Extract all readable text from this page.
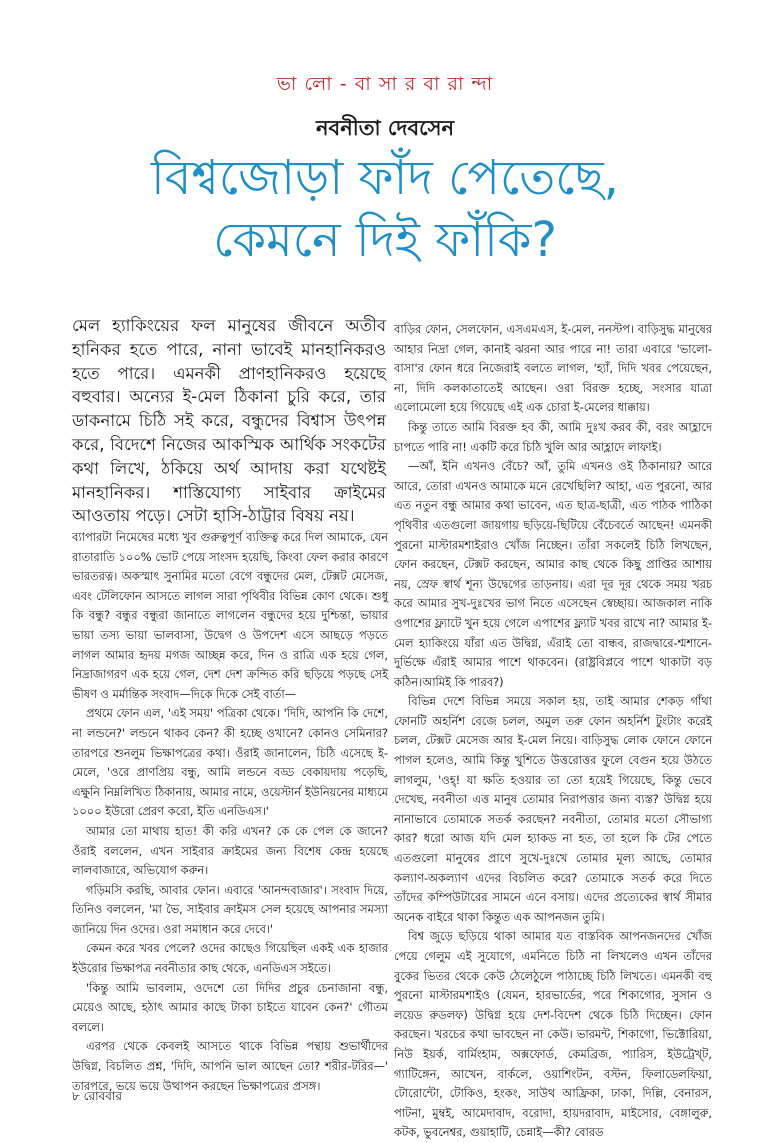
ভা লো - বা সা র বা রা ন্দা
নবনীতা দেবসেন
বিশ্বজোড়া ফাঁদ পেতেছে,
কেমনে দিই ফাঁকি?
মেল হ্যাকিংয়ের ফল মানুষের জীবনে অতীব হানিকর হতে পারে, নানা ভাবেই মানহানিকরও হতে পারে। এমনকী প্রাণহানিকরও হয়েছে বহুবার। অন্যের ই-মেল ঠিকানা চুরি করে, তার ডাকনামে চিঠি সই করে, বন্ধুদের বিশ্বাস উৎপন্ন করে, বিদেশে নিজের আকস্মিক আর্থিক সংকটের কথা লিখে, ঠকিয়ে অর্থ আদায় করা যথেষ্টই মানহানিকর। শাস্তিযোগ্য সাইবার ক্রাইমের আওতায় পড়ে। সেটা হাসি-ঠাট্টার বিষয় নয়।

ব্যাপারটা নিমেষের মধ্যে খুব গুরুত্বপূর্ণ ব্যক্তিত্ব করে দিল আমাকে, যেন রাতারাতি ১০০% ভোট পেয়ে সাংসদ হয়েছি, কিংবা ফেল করার কারণে ভারতরত্ন। অকস্মাৎ সুনামির মতো বেগে বন্ধুদের মেল, টেক্সট মেসেজ, এবং টেলিফোন আসতে লাগল সারা পৃথিবীর বিভিন্ন কোণ থেকে। শুধু কি বন্ধু? বন্ধুর বন্ধুরা জানাতে লাগলেন বন্ধুদের হয়ে দুশ্চিন্তা, ভায়ার ভায়া তস্য ভায়া ভালবাসা, উদ্বেগ ও উপদেশ এসে আছড়ে পড়তে লাগল আমার হৃদয় মগজ আচ্ছন্ন করে, দিন ও রাত্রি এক হয়ে গেল, নিদ্রাজাগরণ এক হয়ে গেল, দেশ দেশ ক্রন্দিত করি ছড়িয়ে পড়ছে সেই ভীষণ ও মর্মান্তিক সংবাদ—দিকে দিকে সেই বার্তা—

প্রথমে ফোন এল, 'এই সময়' পত্রিকা থেকে। 'দিদি, আপনি কি দেশে, না লন্ডনে?' লন্ডনে থাকব কেন? কী হচ্ছে ওখানে? কোনও সেমিনার? তারপরে শুনলুম ভিক্ষাপত্রের কথা। ওঁরাই জানালেন, চিঠি এসেছে ই-মেলে, 'ওরে প্রাণপ্রিয় বন্ধু, আমি লন্ডনে বড্ড বেকায়দায় পড়েছি, এক্ষুনি নিম্নলিখিত ঠিকানায়, আমার নামে, ওয়েস্টার্ন ইউনিয়নের মাধ্যমে ১০০০ ইউরো প্রেরণ করো, ইতি এনডিএস।'

আমার তো মাথায় হাত! কী করি এখন? কে কে পেল কে জানে? ওঁরাই বললেন, এখন সাইবার ক্রাইমের জন্য বিশেষ কেন্দ্র হয়েছে লালবাজারে, অভিযোগ করুন।

গড়িমসি করছি, আবার ফোন। এবারে 'আনন্দবাজার'। সংবাদ দিয়ে, তিনিও বললেন, 'মা ভৈ, সাইবার ক্রাইমস সেল হয়েছে আপনার সমস্যা জানিয়ে দিন ওদের। ওরা সমাধান করে দেবে।'

কেমন করে খবর পেলে? ওদের কাছেও গিয়েছিল একই এক হাজার ইউরোর ভিক্ষাপত্র নবনীতার কাছ থেকে, এনডিএস সইতে।

'কিন্তু আমি ভাবলাম, ওদেশে তো দিদির প্রচুর চেনাজানা বন্ধু, মেয়েও আছে, হঠাৎ আমার কাছে টাকা চাইতে যাবেন কেন?' গৌতম বললে।

এরপর থেকে কেবলই আসতে থাকে বিভিন্ন পন্থায় শুভার্থীদের উদ্বিগ্ন, বিচলিত প্রশ্ন, 'দিদি, আপনি ভাল আছেন তো? শরীর-টরির—' তারপরে, ভয়ে ভয়ে উত্থাপন করছেন ভিক্ষাপত্রের প্রসঙ্গ।

বাড়ির ফোন, সেলফোন, এসএমএস, ই-মেল, ননস্টপ। বাড়িসুদ্ধ মানুষের আহার নিদ্রা গেল, কানাই ঝরনা আর পারে না! তারা এবারে 'ভালো-বাসা'র ফোন ধরে নিজেরাই বলতে লাগল, 'হ্যাঁ, দিদি খবর পেয়েছেন, না, দিদি কলকাতাতেই আছেন। ওরা বিরক্ত হচ্ছে, সংসার যাত্রা এলোমেলো হয়ে গিয়েছে এই এক চোরা ই-মেলের ধাক্কায়।

কিন্তু তাতে আমি বিরক্ত হব কী, আমি দুঃখ করব কী, বরং আহ্লাদে চাপতে পারি না! একটি করে চিঠি খুলি আর আহ্লাদে লাফাই।

—আঁ, ইনি এখনও বেঁচে? আঁ, তুমি এখনও ওই ঠিকানায়? আরে আরে, তোরা এখনও আমাকে মনে রেখেছিলি? আহা, এত পুরনো, আর এত নতুন বন্ধু আমার কথা ভাবেন, এত ছাত্র-ছাত্রী, এত পাঠক পাঠিকা পৃথিবীর এতগুলো জায়গায় ছড়িয়ে-ছিটিয়ে বেঁচেবর্তে আছেন! এমনকী পুরনো মাস্টারমশাইরাও খোঁজ নিচ্ছেন। তাঁরা সকলেই চিঠি লিখছেন, ফোন করছেন, টেক্সট করছেন, আমার কাছ থেকে কিছু প্রাপ্তির আশায় নয়, স্রেফ স্বার্থ শূন্য উদ্বেগের তাড়নায়। এরা দূর দূর থেকে সময় খরচ করে আমার সুখ-দুঃখের ভাগ নিতে এসেছেন স্বেচ্ছায়। আজকাল নাকি ওপাশের ফ্ল্যাটে খুন হয়ে গেলে এপাশের ফ্ল্যাট খবর রাখে না? আমার ই-মেল হ্যাকিংয়ে যাঁরা এত উদ্বিগ্ন, এঁরাই তো বান্ধব, রাজদ্বারে-শ্মশানে-দুর্ভিক্ষে এঁরাই আমার পাশে থাকবেন। (রাষ্ট্রবিপ্লবে পাশে থাকাটা বড় কঠিন।আমিই কি পারব?)

বিভিন্ন দেশে বিভিন্ন সময়ে সকাল হয়, তাই আমার শেকড় গাঁথা ফোনটি অহর্নিশ বেজে চলল, অমুল তরু ফোন অহর্নিশ টুংটাং করেই চলল, টেক্সট মেসেজ আর ই-মেল নিয়ে। বাড়িসুদ্ধ লোক ফোনে ফোনে পাগল হলেও, আমি কিন্তু খুশিতে উত্তরোত্তর ফুলে বেগুন হয়ে উঠতে লাগলুম, 'ওহ্! যা ক্ষতি হওয়ার তা তো হয়েই গিয়েছে, কিন্তু ভেবে দেখেছ, নবনীতা এত্ত মানুষ তোমার নিরাপত্তার জন্য ব্যস্ত? উদ্বিগ্ন হয়ে নানাভাবে তোমাকে সতর্ক করছেন? নবনীতা, তোমার মতো সৌভাগ্য কার? ধরো আজ যদি মেল হ্যাকড না হত, তা হলে কি টের পেতে এতগুলো মানুষের প্রাণে সুখে-দুঃখে তোমার মূল্য আছে, তোমার কল্যাণ-অকল্যাণ এদের বিচলিত করে? তোমাকে সতর্ক করে দিতে তাঁদের কম্পিউটারের সামনে এনে বসায়। এদের প্রত্যেকের স্বার্থ সীমার অনেক বাইরে থাকা কিন্তুত এক আপনজন তুমি।

বিশ্ব জুড়ে ছড়িয়ে থাকা আমার যত বাস্তবিক আপনজনদের খোঁজ পেয়ে গেলুম এই সুযোগে, এমনিতে চিঠি না লিখলেও এখন তাঁদের বুকের ভিতর থেকে কেউ ঠেলেঠুলে পাঠাচ্ছে চিঠি লিখতে। এমনকী বহু পুরনো মাস্টারমশাইও (যেমন, হারভার্ডের, পরে শিকাগোর, সুসান ও লয়েড রুডলফ) উদ্বিগ্ন হয়ে দেশ-বিদেশ থেকে চিঠি দিচ্ছেন। ফোন করছেন। খরচের কথা ভাবছেন না কেউ। ভারমন্ট, শিকাগো, ভিক্টোরিয়া, নিউ ইয়র্ক, বার্মিংহাম, অক্সফোর্ড, কেমব্রিজ, প্যারিস, ইউট্রেখ্ট, গ্যাটিঙ্গেন, আখেন, বার্কলে, ওয়াশিংটন, বস্টন, ফিলাডেলফিয়া, টোরোন্টো, টোকিও, হংকং, সাউথ আফ্রিকা, ঢাকা, দিল্লি, বেনারস, পাটনা, মুম্বই, আমেদাবাদ, বরোদা, হায়দরাবাদ, মাইসোর, বেঙ্গালুরু, কটক, ভুবনেশ্বর, গুয়াহাটি, চেন্নাই—কী? বোরড

৮ রোববার
